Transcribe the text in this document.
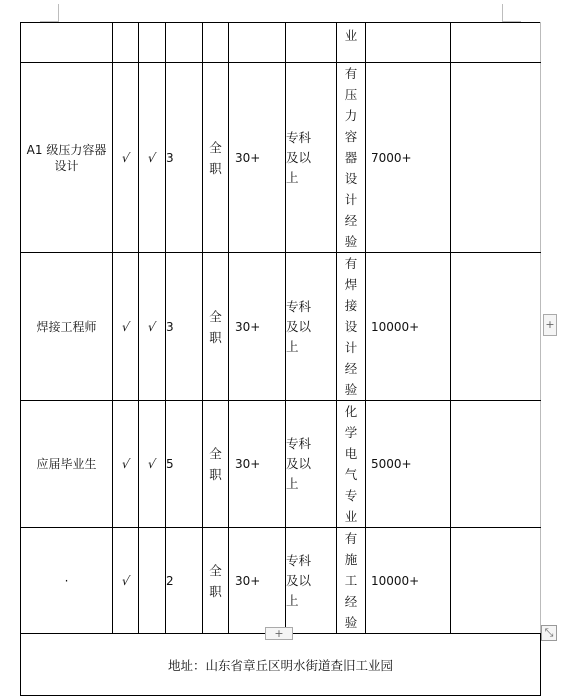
							业		

A1 级压力容器设计	√	√	3	全职	30+	专科及以上	有压力容器设计经验	7000+	

焊接工程师	√	√	3	全职	30+	专科及以上	有焊接设计经验	10000+	

应届毕业生	√	√	5	全职	30+	专科及以上	化学电气专业	5000+	

·	√		2	全职	30+	专科及以上	有施工经验	10000+	
地址：山东省章丘区明水街道查旧工业园									
+
+	⤡
